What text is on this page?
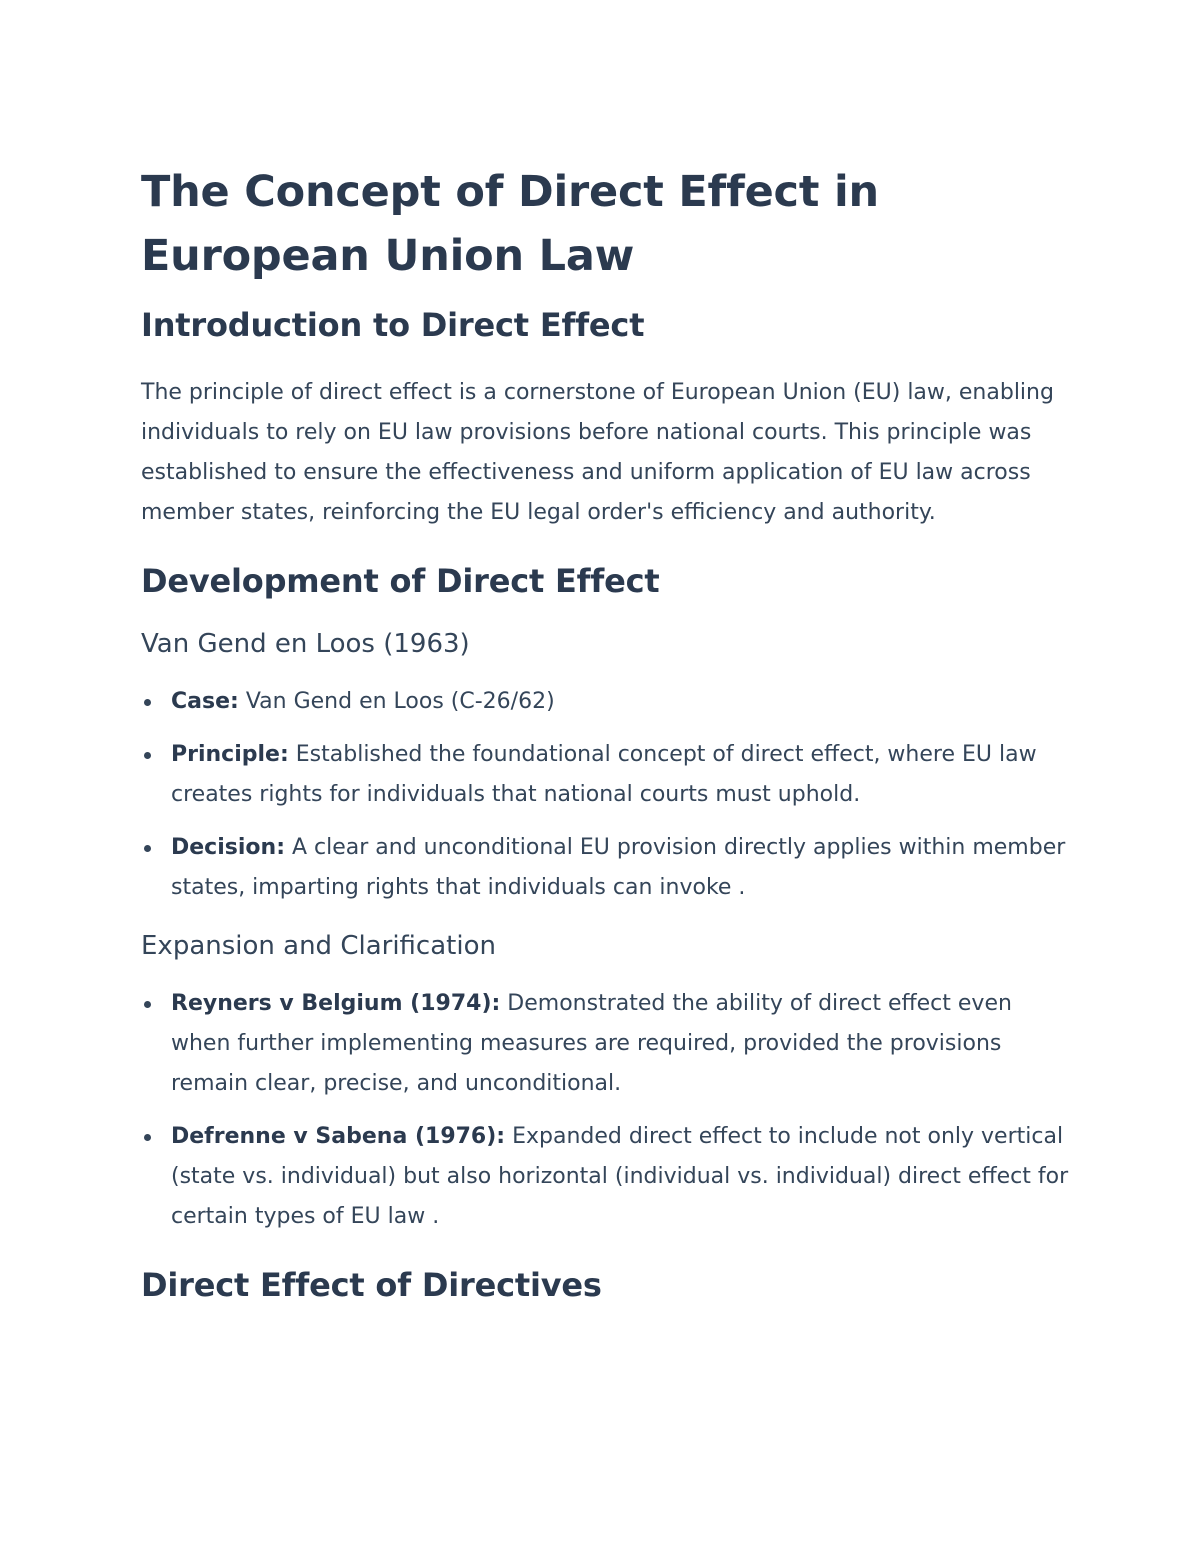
The Concept of Direct Effect in European Union Law
Introduction to Direct Effect

The principle of direct effect is a cornerstone of European Union (EU) law, enabling individuals to rely on EU law provisions before national courts. This principle was established to ensure the effectiveness and uniform application of EU law across member states, reinforcing the EU legal order's efficiency and authority.

Development of Direct Effect
Van Gend en Loos (1963)
Case: Van Gend en Loos (C-26/62)
Principle: Established the foundational concept of direct effect, where EU law creates rights for individuals that national courts must uphold.
Decision: A clear and unconditional EU provision directly applies within member states, imparting rights that individuals can invoke .
Expansion and Clarification
Reyners v Belgium (1974): Demonstrated the ability of direct effect even when further implementing measures are required, provided the provisions remain clear, precise, and unconditional.
Defrenne v Sabena (1976): Expanded direct effect to include not only vertical (state vs. individual) but also horizontal (individual vs. individual) direct effect for certain types of EU law .
Direct Effect of Directives
